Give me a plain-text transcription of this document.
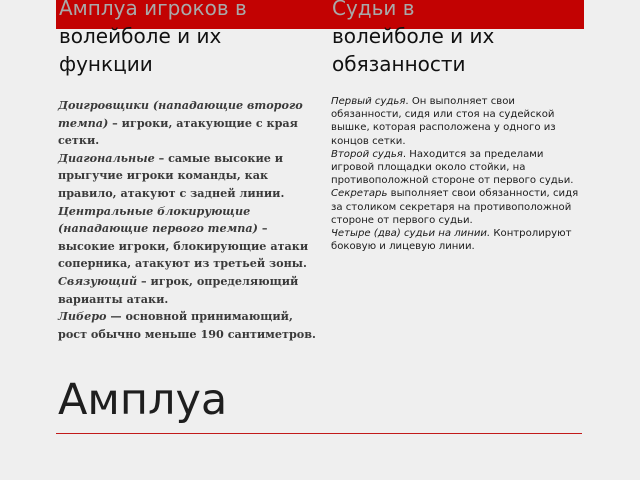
Амплуа игроков в
волейболе и их
функции
Судьи в
волейболе и их
обязанности

Доигровщики (нападающие второго темпа) – игроки, атакующие с края сетки.

Диагональные – самые высокие и прыгучие игроки команды, как правило, атакуют с задней линии.

Центральные блокирующие (нападающие первого темпа) – высокие игроки, блокирующие атаки соперника, атакуют из третьей зоны.

Связующий – игрок, определяющий варианты атаки.

Либеро — основной принимающий, рост обычно меньше 190 сантиметров.

Первый судья. Он выполняет свои обязанности, сидя или стоя на судейской вышке, которая расположена у одного из концов сетки.

Второй судья. Находится за пределами игровой площадки около стойки, на противоположной стороне от первого судьи.

Секретарь выполняет свои обязанности, сидя за столиком секретаря на противоположной стороне от первого судьи.

Четыре (два) судьи на линии. Контролируют боковую и лицевую линии.

Амплуа
